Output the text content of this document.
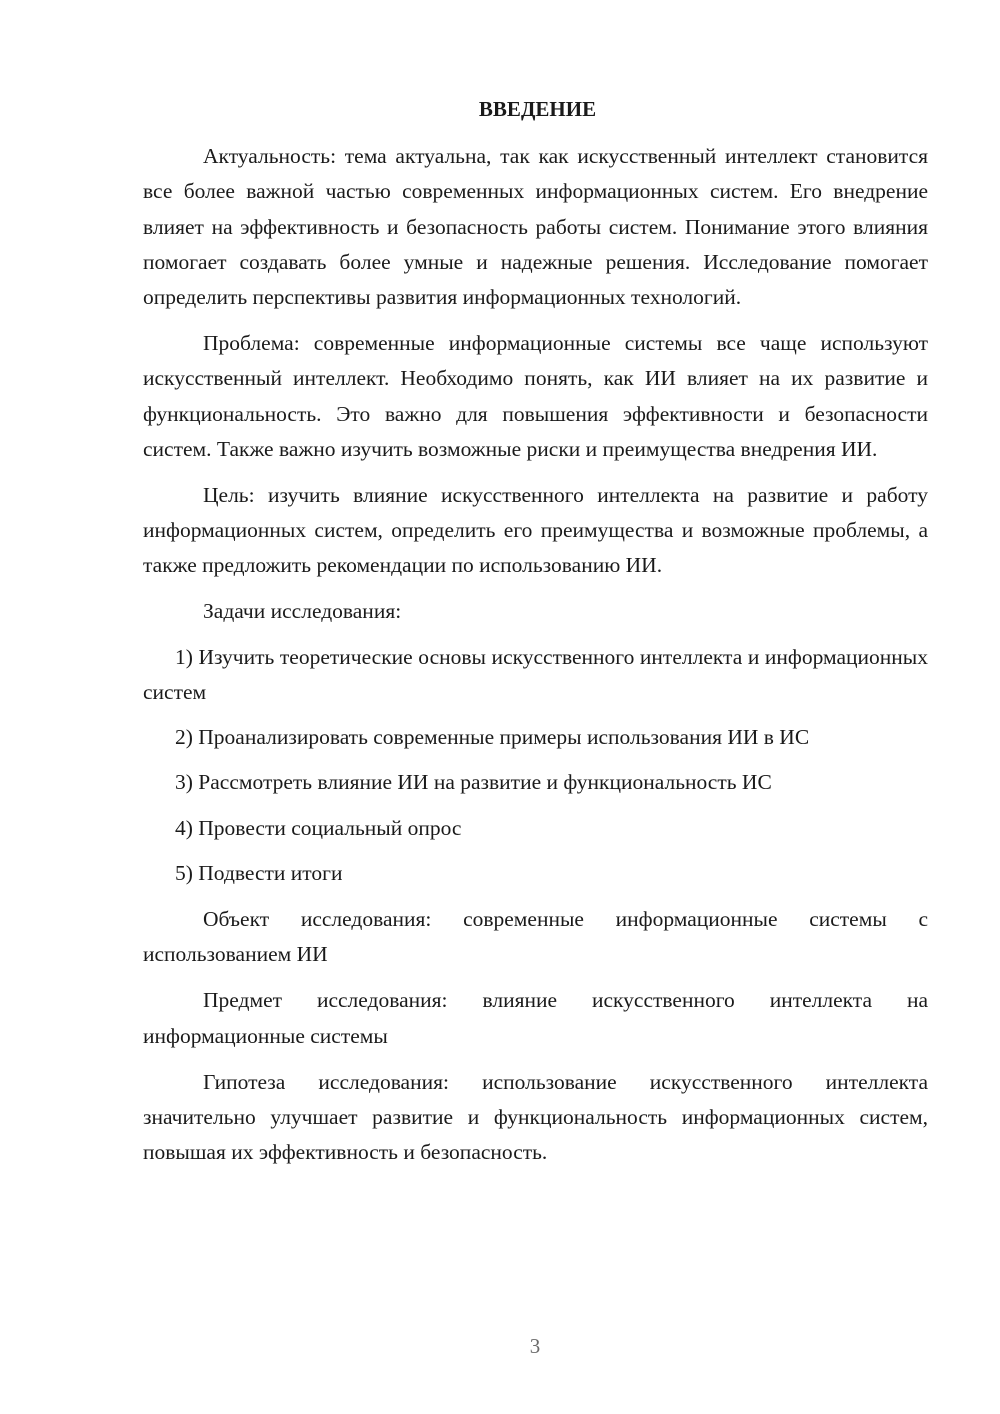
ВВЕДЕНИЕ

Актуальность: тема актуальна, так как искусственный интеллект становится все более важной частью современных информационных систем. Его внедрение влияет на эффективность и безопасность работы систем. Понимание этого влияния помогает создавать более умные и надежные решения. Исследование помогает определить перспективы развития информационных технологий.

Проблема: современные информационные системы все чаще используют искусственный интеллект. Необходимо понять, как ИИ влияет на их развитие и функциональность. Это важно для повышения эффективности и безопасности систем. Также важно изучить возможные риски и преимущества внедрения ИИ.

Цель: изучить влияние искусственного интеллекта на развитие и работу информационных систем, определить его преимущества и возможные проблемы, а также предложить рекомендации по использованию ИИ.

Задачи исследования:

1) Изучить теоретические основы искусственного интеллекта и информационных систем

2) Проанализировать современные примеры использования ИИ в ИС

3) Рассмотреть влияние ИИ на развитие и функциональность ИС

4) Провести социальный опрос

5) Подвести итоги

Объект исследования: современные информационные системы с использованием ИИ

Предмет исследования: влияние искусственного интеллекта на информационные системы

Гипотеза исследования: использование искусственного интеллекта значительно улучшает развитие и функциональность информационных систем, повышая их эффективность и безопасность.

3
